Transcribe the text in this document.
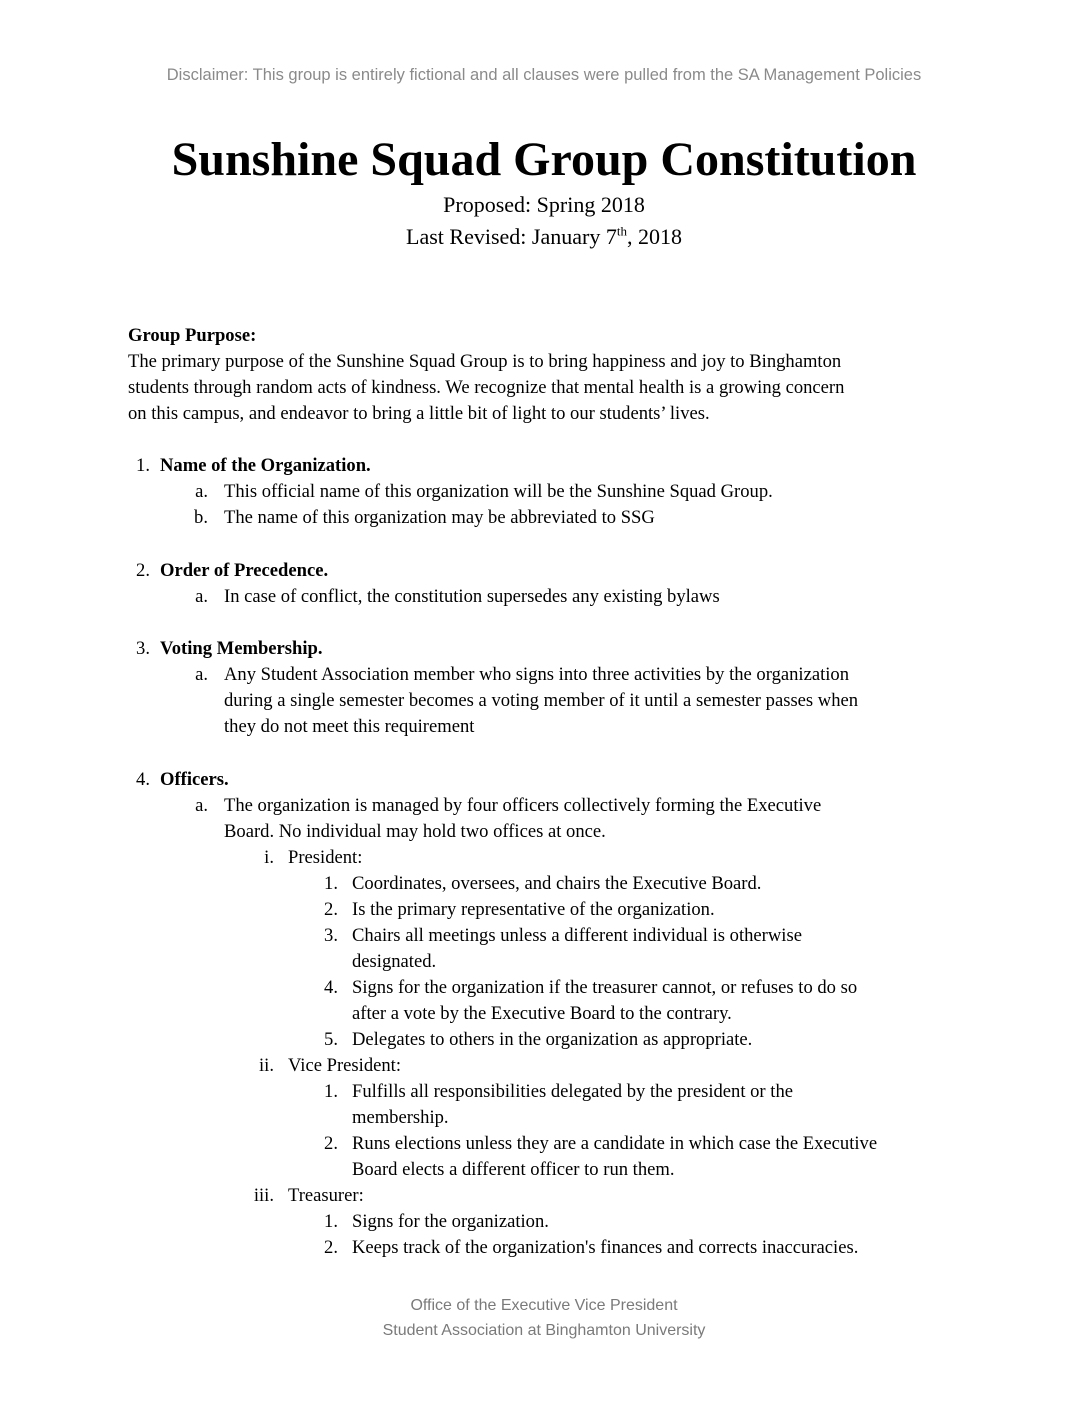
Disclaimer: This group is entirely fictional and all clauses were pulled from the SA Management Policies
Sunshine Squad Group Constitution
Proposed: Spring 2018
Last Revised: January 7th, 2018
Group Purpose:
The primary purpose of the Sunshine Squad Group is to bring happiness and joy to Binghamton
students through random acts of kindness. We recognize that mental health is a growing concern
on this campus, and endeavor to bring a little bit of light to our students’ lives.
1. Name of the Organization.
a. This official name of this organization will be the Sunshine Squad Group.
b. The name of this organization may be abbreviated to SSG
2. Order of Precedence.
a. In case of conflict, the constitution supersedes any existing bylaws
3. Voting Membership.
a. Any Student Association member who signs into three activities by the organization
during a single semester becomes a voting member of it until a semester passes when
they do not meet this requirement
4. Officers.
a. The organization is managed by four officers collectively forming the Executive
Board. No individual may hold two offices at once.
i. President:
1. Coordinates, oversees, and chairs the Executive Board.
2. Is the primary representative of the organization.
3. Chairs all meetings unless a different individual is otherwise
designated.
4. Signs for the organization if the treasurer cannot, or refuses to do so
after a vote by the Executive Board to the contrary.
5. Delegates to others in the organization as appropriate.
ii. Vice President:
1. Fulfills all responsibilities delegated by the president or the
membership.
2. Runs elections unless they are a candidate in which case the Executive
Board elects a different officer to run them.
iii. Treasurer:
1. Signs for the organization.
2. Keeps track of the organization's finances and corrects inaccuracies.
Office of the Executive Vice President
Student Association at Binghamton University
